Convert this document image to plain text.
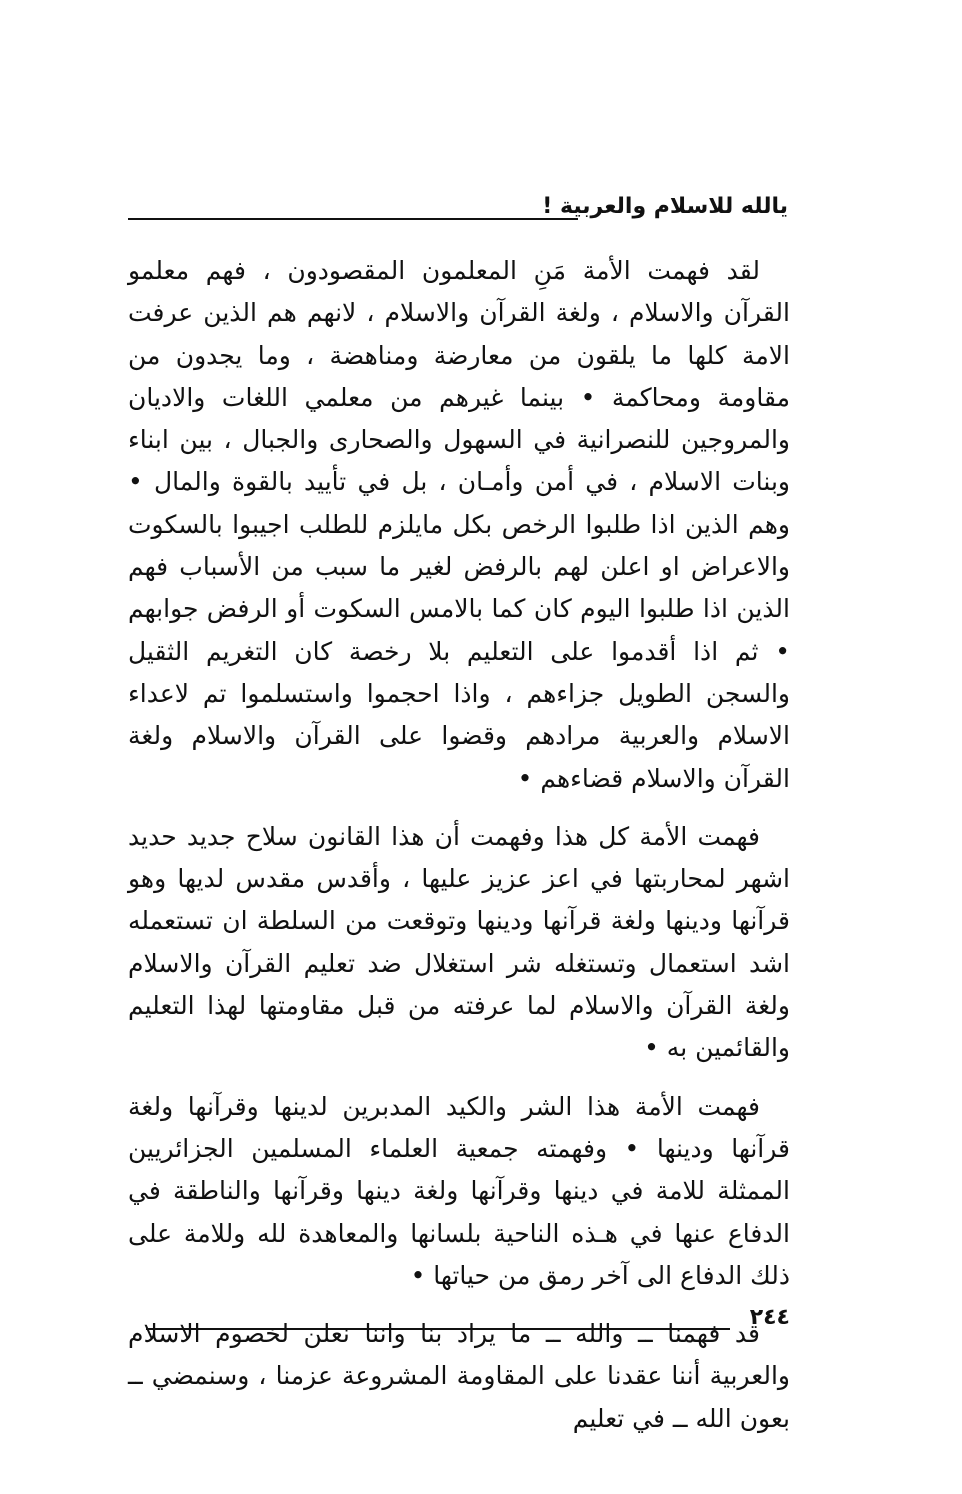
يالله للاسلام والعربية !

لقد فهمت الأمة مَنِ المعلمون المقصودون ، فهم معلمو القرآن والاسلام ، ولغة القرآن والاسلام ، لانهم هم الذين عرفت الامة كلها ما يلقون من معارضة ومناهضة ، وما يجدون من مقاومة ومحاكمة • بينما غيرهم من معلمي اللغات والاديان والمروجين للنصرانية في السهول والصحارى والجبال ، بين ابناء وبنات الاسلام ، في أمن وأمـان ، بل في تأييد بالقوة والمال • وهم الذين اذا طلبوا الرخص بكل مايلزم للطلب اجيبوا بالسكوت والاعراض او اعلن لهم بالرفض لغير ما سبب من الأسباب فهم الذين اذا طلبوا اليوم كان كما بالامس السكوت أو الرفض جوابهم • ثم اذا أقدموا على التعليم بلا رخصة كان التغريم الثقيل والسجن الطويل جزاءهم ، واذا احجموا واستسلموا تم لاعداء الاسلام والعربية مرادهم وقضوا على القرآن والاسلام ولغة القرآن والاسلام قضاءهم •

فهمت الأمة كل هذا وفهمت أن هذا القانون سلاح جديد حديد اشهر لمحاربتها في اعز عزيز عليها ، وأقدس مقدس لديها وهو قرآنها ودينها ولغة قرآنها ودينها وتوقعت من السلطة ان تستعمله اشد استعمال وتستغله شر استغلال ضد تعليم القرآن والاسلام ولغة القرآن والاسلام لما عرفته من قبل مقاومتها لهذا التعليم والقائمين به •

فهمت الأمة هذا الشر والكيد المدبرين لدينها وقرآنها ولغة قرآنها ودينها • وفهمته جمعية العلماء المسلمين الجزائريين الممثلة للامة في دينها وقرآنها ولغة دينها وقرآنها والناطقة في الدفاع عنها في هـذه الناحية بلسانها والمعاهدة لله وللامة على ذلك الدفاع الى آخر رمق من حياتها •

قد فهمنا ــ والله ــ ما يراد بنا واننا نعلن لخصوم الاسلام والعربية أننا عقدنا على المقاومة المشروعة عزمنا ، وسنمضي ــ بعون الله ــ في تعليم

٢٤٤
